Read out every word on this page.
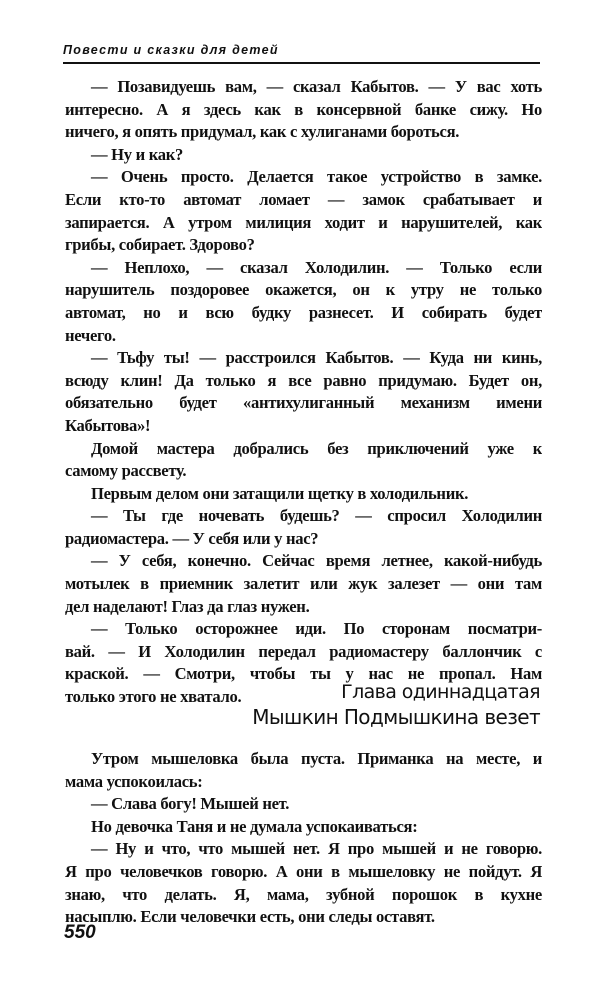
Повести и сказки для детей
— Позавидуешь вам, — сказал Кабытов. — У вас хоть
интересно. А я здесь как в консервной банке сижу. Но
ничего, я опять придумал, как с хулиганами бороться.
— Ну и как?
— Очень просто. Делается такое устройство в замке.
Если кто-то автомат ломает — замок срабатывает и
запирается. А утром милиция ходит и нарушителей, как
грибы, собирает. Здорово?
— Неплохо, — сказал Холодилин. — Только если
нарушитель поздоровее окажется, он к утру не только
автомат, но и всю будку разнесет. И собирать будет
нечего.
— Тьфу ты! — расстроился Кабытов. — Куда ни кинь,
всюду клин! Да только я все равно придумаю. Будет он,
обязательно будет «антихулиганный механизм имени
Кабытова»!
Домой мастера добрались без приключений уже к
самому рассвету.
Первым делом они затащили щетку в холодильник.
— Ты где ночевать будешь? — спросил Холодилин
радиомастера. — У себя или у нас?
— У себя, конечно. Сейчас время летнее, какой-нибудь
мотылек в приемник залетит или жук залезет — они там
дел наделают! Глаз да глаз нужен.
— Только осторожнее иди. По сторонам посматри-
вай. — И Холодилин передал радиомастеру баллончик с
краской. — Смотри, чтобы ты у нас не пропал. Нам
только этого не хватало.	Глава одиннадцатая
Мышкин Подмышкина везет
Утром мышеловка была пуста. Приманка на месте, и
мама успокоилась:
— Слава богу! Мышей нет.
Но девочка Таня и не думала успокаиваться:
— Ну и что, что мышей нет. Я про мышей и не говорю.
Я про человечков говорю. А они в мышеловку не пойдут. Я
знаю, что делать. Я, мама, зубной порошок в кухне
насыплю. Если человечки есть, они следы оставят.
550
